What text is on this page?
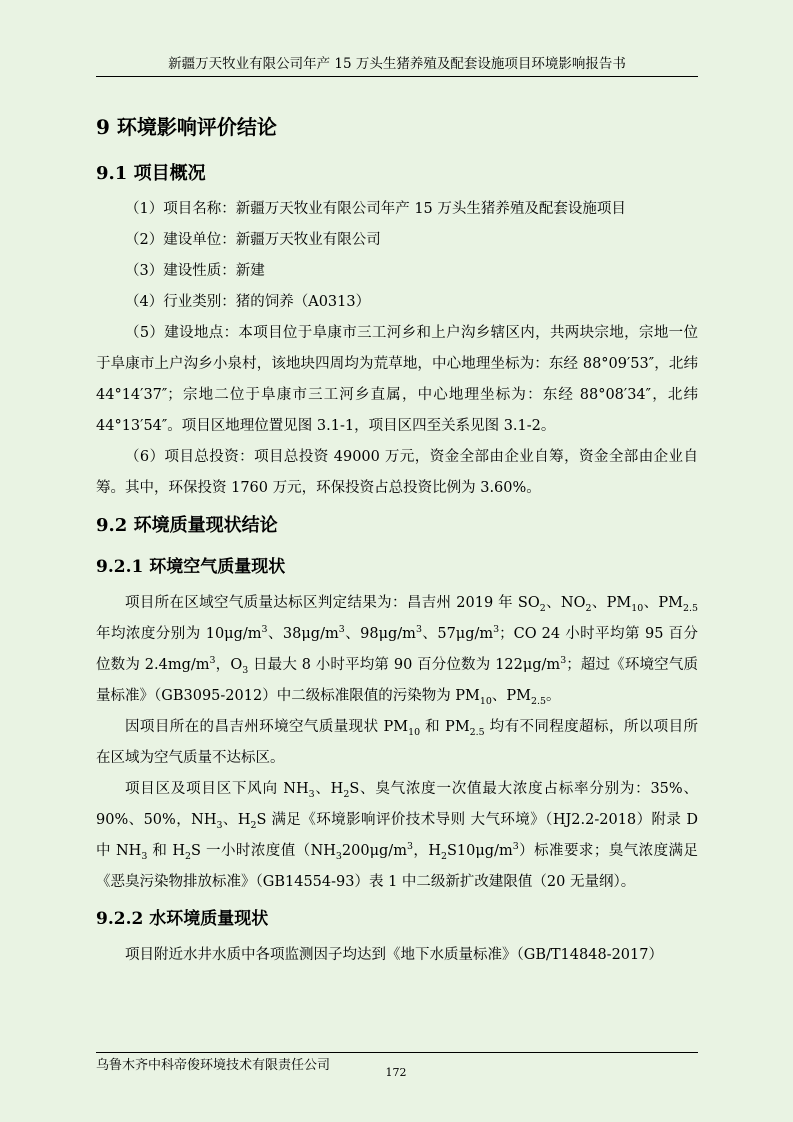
新疆万天牧业有限公司年产 15 万头生猪养殖及配套设施项目环境影响报告书
9 环境影响评价结论
9.1 项目概况

（1）项目名称：新疆万天牧业有限公司年产 15 万头生猪养殖及配套设施项目

（2）建设单位：新疆万天牧业有限公司

（3）建设性质：新建

（4）行业类别：猪的饲养（A0313）

（5）建设地点：本项目位于阜康市三工河乡和上户沟乡辖区内，共两块宗地，宗地一位于阜康市上户沟乡小泉村，该地块四周均为荒草地，中心地理坐标为：东经 88°09′53″，北纬 44°14′37″；宗地二位于阜康市三工河乡直属，中心地理坐标为：东经 88°08′34″，北纬 44°13′54″。项目区地理位置见图 3.1-1，项目区四至关系见图 3.1-2。

（6）项目总投资：项目总投资 49000 万元，资金全部由企业自筹，资金全部由企业自筹。其中，环保投资 1760 万元，环保投资占总投资比例为 3.60%。

9.2 环境质量现状结论
9.2.1 环境空气质量现状

项目所在区域空气质量达标区判定结果为：昌吉州 2019 年 $SO_2$、$NO_2$、$PM_{10}$、$PM_{2.5}$年均浓度分别为 $10\mu g/m^3$、$38\mu g/m^3$、$98\mu g/m^3$、$57\mu g/m^3$；CO 24 小时平均第 95 百分位数为 $2.4mg/m^3$，$O_3$ 日最大 8 小时平均第 90 百分位数为 $122\mu g/m^3$；超过《环境空气质量标准》（GB3095-2012）中二级标准限值的污染物为 $PM_{10}$、$PM_{2.5}$。

因项目所在的昌吉州环境空气质量现状 $PM_{10}$ 和 $PM_{2.5}$ 均有不同程度超标，所以项目所在区域为空气质量不达标区。

项目区及项目区下风向 $NH_3$、$H_2S$、臭气浓度一次值最大浓度占标率分别为：35%、90%、50%，$NH_3$、$H_2S$ 满足《环境影响评价技术导则 大气环境》（HJ2.2-2018）附录 D 中 $NH_3$ 和 $H_2S$ 一小时浓度值（$NH_3200\mu g/m^3$，$H_2S10\mu g/m^3$）标准要求；臭气浓度满足《恶臭污染物排放标准》（GB14554-93）表 1 中二级新扩改建限值（20 无量纲）。

9.2.2 水环境质量现状

项目附近水井水质中各项监测因子均达到《地下水质量标准》（GB/T14848-2017）

乌鲁木齐中科帝俊环境技术有限责任公司	172
